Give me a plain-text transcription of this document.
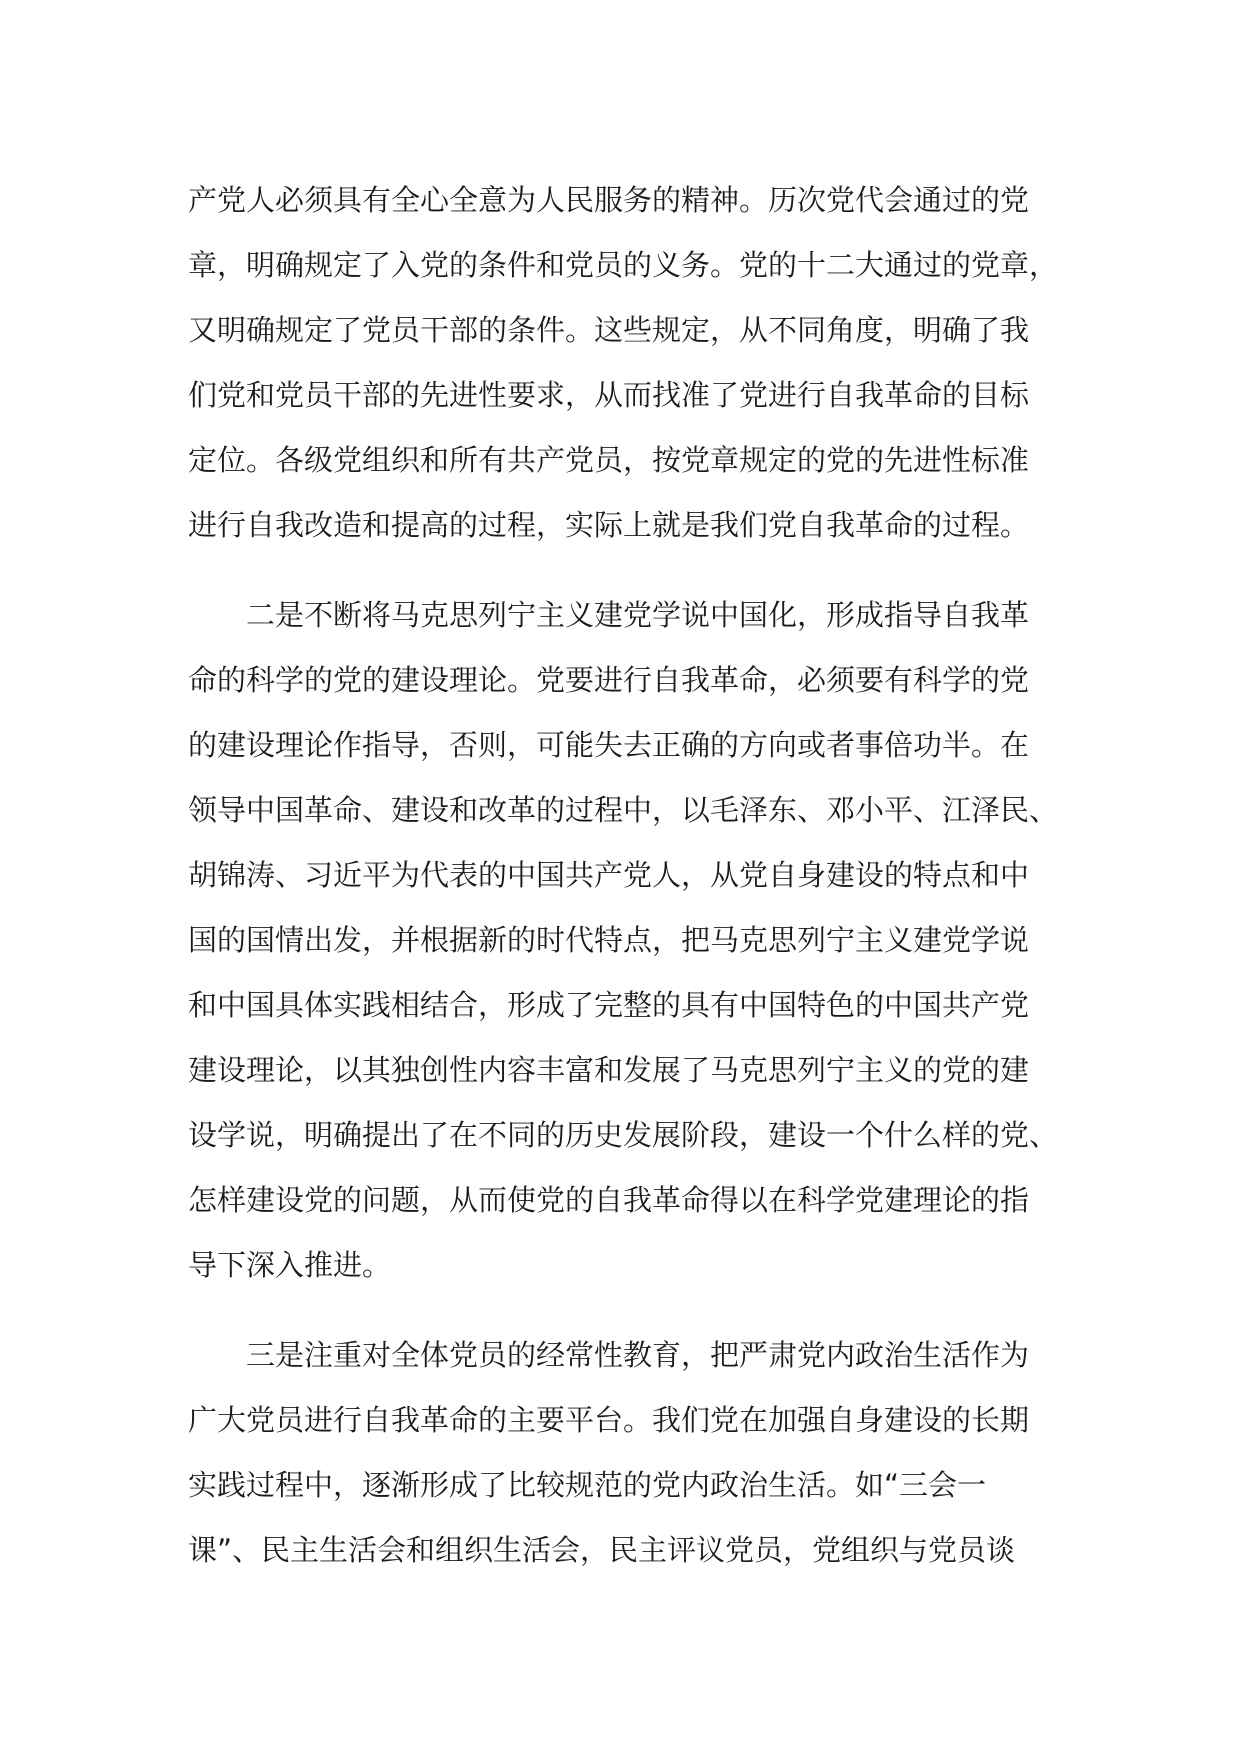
产党人必须具有全心全意为人民服务的精神。历次党代会通过的党
章，明确规定了入党的条件和党员的义务。党的十二大通过的党章，
又明确规定了党员干部的条件。这些规定，从不同角度，明确了我
们党和党员干部的先进性要求，从而找准了党进行自我革命的目标
定位。各级党组织和所有共产党员，按党章规定的党的先进性标准
进行自我改造和提高的过程，实际上就是我们党自我革命的过程。
二是不断将马克思列宁主义建党学说中国化，形成指导自我革
命的科学的党的建设理论。党要进行自我革命，必须要有科学的党
的建设理论作指导，否则，可能失去正确的方向或者事倍功半。在
领导中国革命、建设和改革的过程中，以毛泽东、邓小平、江泽民、
胡锦涛、习近平为代表的中国共产党人，从党自身建设的特点和中
国的国情出发，并根据新的时代特点，把马克思列宁主义建党学说
和中国具体实践相结合，形成了完整的具有中国特色的中国共产党
建设理论，以其独创性内容丰富和发展了马克思列宁主义的党的建
设学说，明确提出了在不同的历史发展阶段，建设一个什么样的党、
怎样建设党的问题，从而使党的自我革命得以在科学党建理论的指
导下深入推进。
三是注重对全体党员的经常性教育，把严肃党内政治生活作为
广大党员进行自我革命的主要平台。我们党在加强自身建设的长期
实践过程中，逐渐形成了比较规范的党内政治生活。如“三会一
课”、民主生活会和组织生活会，民主评议党员，党组织与党员谈
